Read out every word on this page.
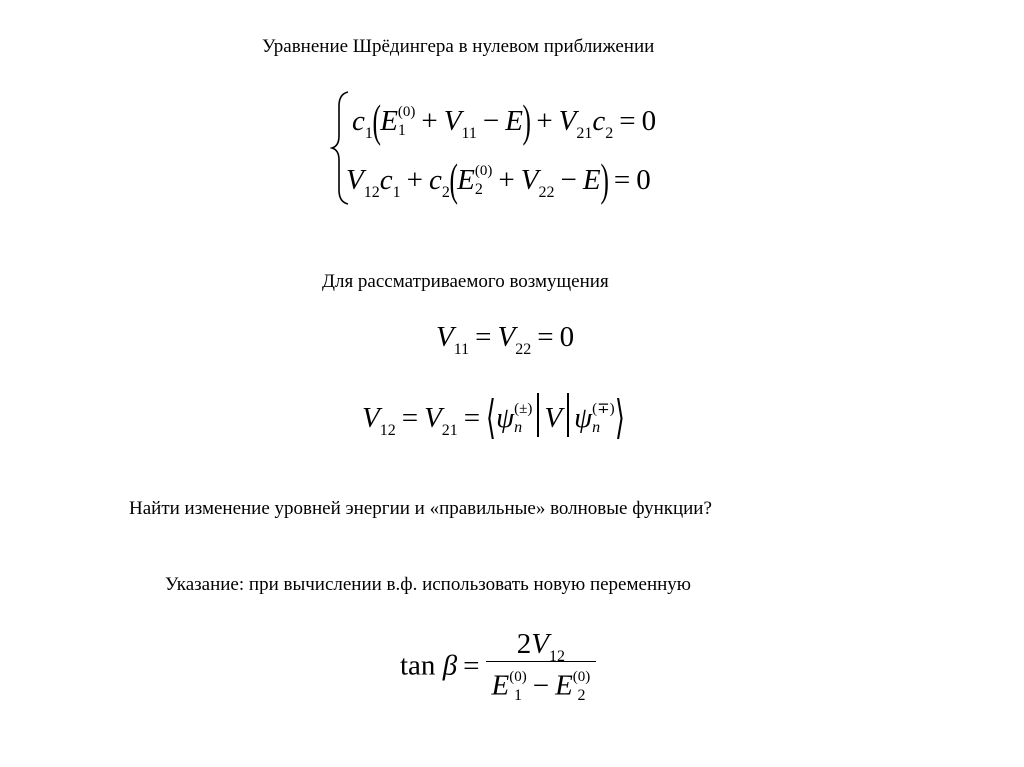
Уравнение Шрёдингера в нулевом приближении
$c_1(E$ (0)
$1 + V_{11} - E) + V_{21}c_2 = 0$
$V_{12}c_1 + c_2(E$ (0)
$2 + V_{22} - E) = 0$
Для рассматриваемого возмущения
$V_{11} = V_{22} = 0$
$V_{12} = V_{21}$ = ⟨ψ (±)
n V ψ (∓)
n ⟩
Найти изменение уровней энергии и «правильные» волновые функции?
Указание: при вычислении в.ф. использовать новую переменную
$\tan \beta = 2V_{12}$
E (0)
1 − E (0)
2
